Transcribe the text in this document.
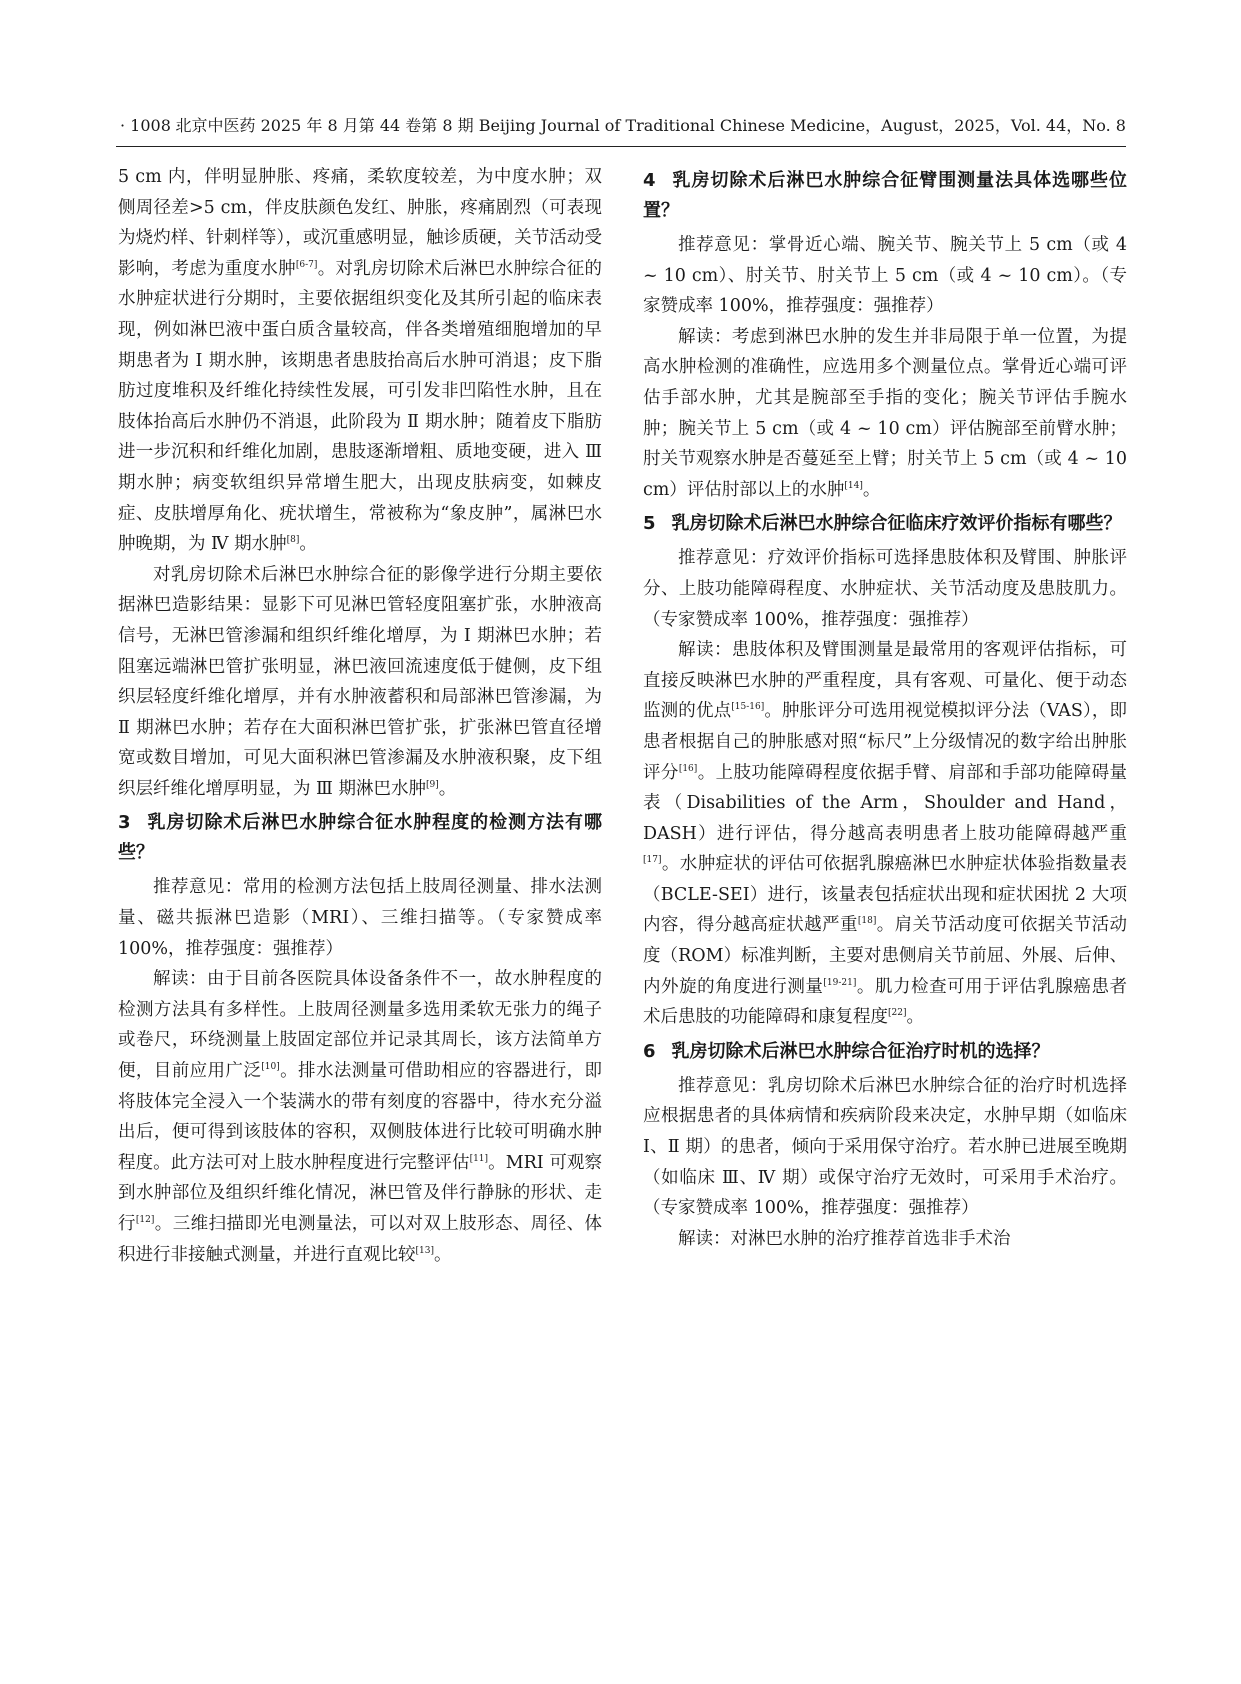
· 1008 ·
北京中医药 2025 年 8 月第 44 卷第 8 期 Beijing Journal of Traditional Chinese Medicine，August，2025，Vol. 44，No. 8

5 cm 内，伴明显肿胀、疼痛，柔软度较差，为中度水肿；双侧周径差>5 cm，伴皮肤颜色发红、肿胀，疼痛剧烈（可表现为烧灼样、针刺样等），或沉重感明显，触诊质硬，关节活动受影响，考虑为重度水肿[6-7]。对乳房切除术后淋巴水肿综合征的水肿症状进行分期时，主要依据组织变化及其所引起的临床表现，例如淋巴液中蛋白质含量较高，伴各类增殖细胞增加的早期患者为 Ⅰ 期水肿，该期患者患肢抬高后水肿可消退；皮下脂肪过度堆积及纤维化持续性发展，可引发非凹陷性水肿，且在肢体抬高后水肿仍不消退，此阶段为 Ⅱ 期水肿；随着皮下脂肪进一步沉积和纤维化加剧，患肢逐渐增粗、质地变硬，进入 Ⅲ 期水肿；病变软组织异常增生肥大，出现皮肤病变，如棘皮症、皮肤增厚角化、疣状增生，常被称为“象皮肿”，属淋巴水肿晚期，为 Ⅳ 期水肿[8]。

对乳房切除术后淋巴水肿综合征的影像学进行分期主要依据淋巴造影结果：显影下可见淋巴管轻度阻塞扩张，水肿液高信号，无淋巴管渗漏和组织纤维化增厚，为 Ⅰ 期淋巴水肿；若阻塞远端淋巴管扩张明显，淋巴液回流速度低于健侧，皮下组织层轻度纤维化增厚，并有水肿液蓄积和局部淋巴管渗漏，为 Ⅱ 期淋巴水肿；若存在大面积淋巴管扩张，扩张淋巴管直径增宽或数目增加，可见大面积淋巴管渗漏及水肿液积聚，皮下组织层纤维化增厚明显，为 Ⅲ 期淋巴水肿[9]。

3 乳房切除术后淋巴水肿综合征水肿程度的检测方法有哪些？

推荐意见：常用的检测方法包括上肢周径测量、排水法测量、磁共振淋巴造影（MRI）、三维扫描等。（专家赞成率 100%，推荐强度：强推荐）

解读：由于目前各医院具体设备条件不一，故水肿程度的检测方法具有多样性。上肢周径测量多选用柔软无张力的绳子或卷尺，环绕测量上肢固定部位并记录其周长，该方法简单方便，目前应用广泛[10]。排水法测量可借助相应的容器进行，即将肢体完全浸入一个装满水的带有刻度的容器中，待水充分溢出后，便可得到该肢体的容积，双侧肢体进行比较可明确水肿程度。此方法可对上肢水肿程度进行完整评估[11]。MRI 可观察到水肿部位及组织纤维化情况，淋巴管及伴行静脉的形状、走行[12]。三维扫描即光电测量法，可以对双上肢形态、周径、体积进行非接触式测量，并进行直观比较[13]。

4 乳房切除术后淋巴水肿综合征臂围测量法具体选哪些位置？

推荐意见：掌骨近心端、腕关节、腕关节上 5 cm（或 4 ~ 10 cm）、肘关节、肘关节上 5 cm（或 4 ~ 10 cm）。（专家赞成率 100%，推荐强度：强推荐）

解读：考虑到淋巴水肿的发生并非局限于单一位置，为提高水肿检测的准确性，应选用多个测量位点。掌骨近心端可评估手部水肿，尤其是腕部至手指的变化；腕关节评估手腕水肿；腕关节上 5 cm（或 4 ~ 10 cm）评估腕部至前臂水肿；肘关节观察水肿是否蔓延至上臂；肘关节上 5 cm（或 4 ~ 10 cm）评估肘部以上的水肿[14]。

5 乳房切除术后淋巴水肿综合征临床疗效评价指标有哪些？

推荐意见：疗效评价指标可选择患肢体积及臂围、肿胀评分、上肢功能障碍程度、水肿症状、关节活动度及患肢肌力。（专家赞成率 100%，推荐强度：强推荐）

解读：患肢体积及臂围测量是最常用的客观评估指标，可直接反映淋巴水肿的严重程度，具有客观、可量化、便于动态监测的优点[15-16]。肿胀评分可选用视觉模拟评分法（VAS），即患者根据自己的肿胀感对照“标尺”上分级情况的数字给出肿胀评分[16]。上肢功能障碍程度依据手臂、肩部和手部功能障碍量表（Disabilities of the Arm，Shoulder and Hand，DASH）进行评估，得分越高表明患者上肢功能障碍越严重[17]。水肿症状的评估可依据乳腺癌淋巴水肿症状体验指数量表（BCLE-SEI）进行，该量表包括症状出现和症状困扰 2 大项内容，得分越高症状越严重[18]。肩关节活动度可依据关节活动度（ROM）标准判断，主要对患侧肩关节前屈、外展、后伸、内外旋的角度进行测量[19-21]。肌力检查可用于评估乳腺癌患者术后患肢的功能障碍和康复程度[22]。

6 乳房切除术后淋巴水肿综合征治疗时机的选择？

推荐意见：乳房切除术后淋巴水肿综合征的治疗时机选择应根据患者的具体病情和疾病阶段来决定，水肿早期（如临床 Ⅰ、Ⅱ 期）的患者，倾向于采用保守治疗。若水肿已进展至晚期（如临床 Ⅲ、Ⅳ 期）或保守治疗无效时，可采用手术治疗。（专家赞成率 100%，推荐强度：强推荐）

解读：对淋巴水肿的治疗推荐首选非手术治
